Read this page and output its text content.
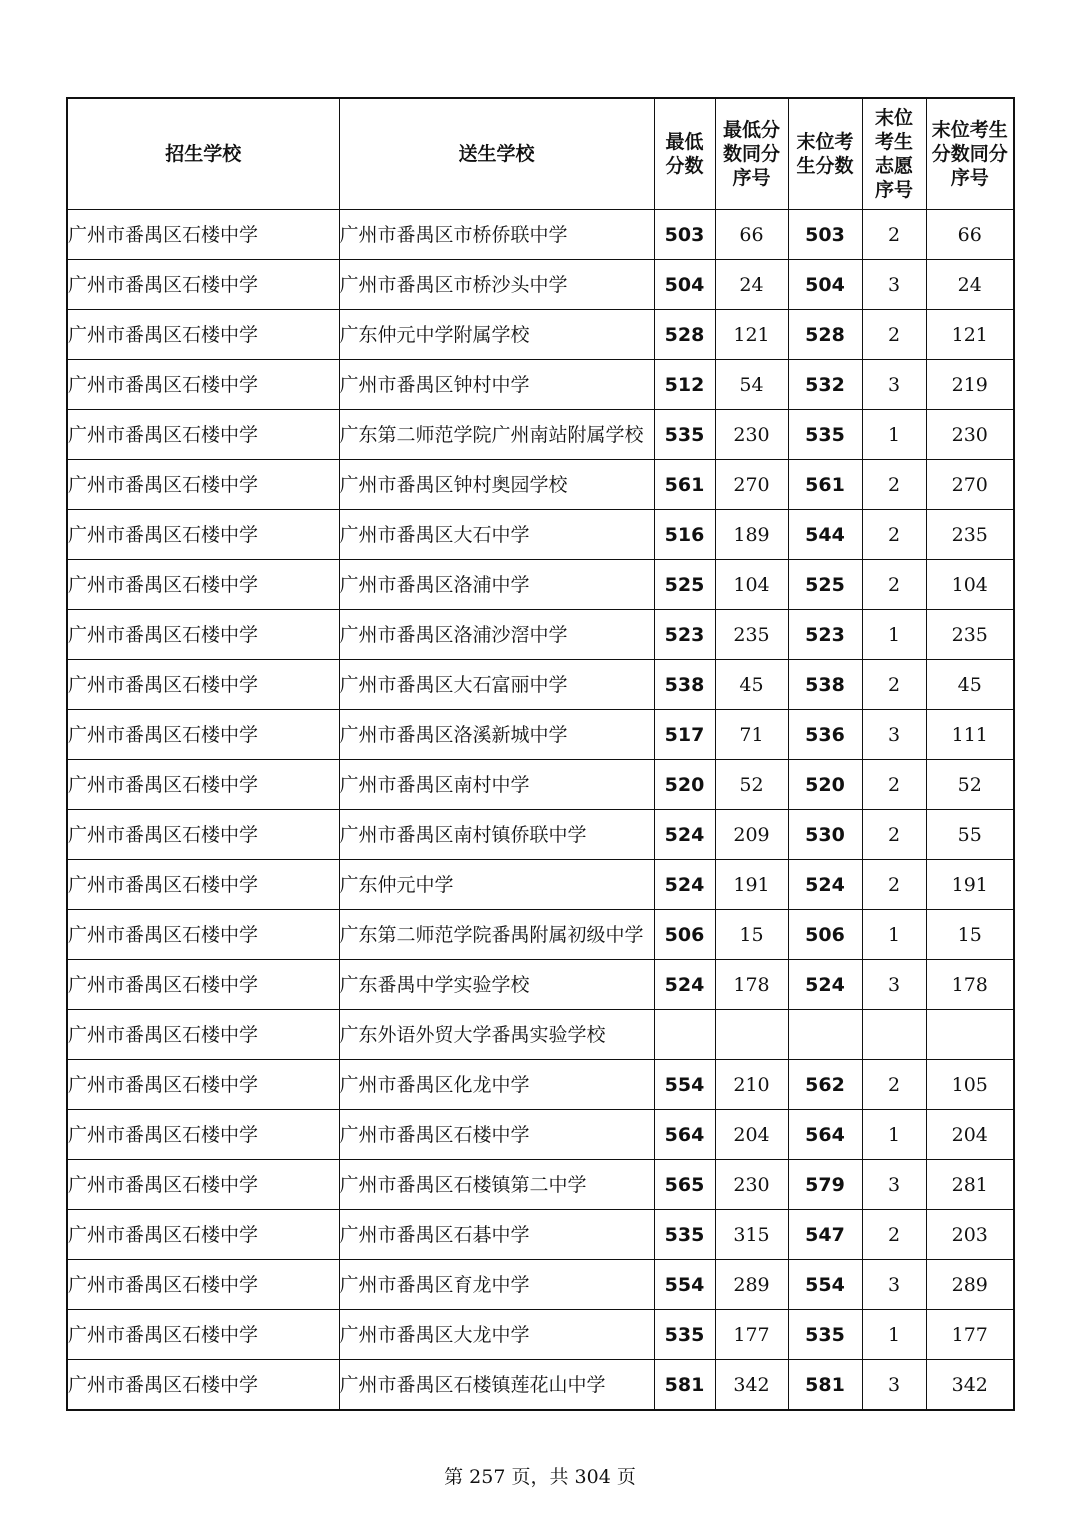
招生学校	送生学校	最低分数	最低分数同分序号	末位考生分数	末位考生志愿序号	末位考生分数同分序号

广州市番禺区石楼中学	广州市番禺区市桥侨联中学	503	66	503	2	66

广州市番禺区石楼中学	广州市番禺区市桥沙头中学	504	24	504	3	24

广州市番禺区石楼中学	广东仲元中学附属学校	528	121	528	2	121

广州市番禺区石楼中学	广州市番禺区钟村中学	512	54	532	3	219

广州市番禺区石楼中学	广东第二师范学院广州南站附属学校	535	230	535	1	230

广州市番禺区石楼中学	广州市番禺区钟村奥园学校	561	270	561	2	270

广州市番禺区石楼中学	广州市番禺区大石中学	516	189	544	2	235

广州市番禺区石楼中学	广州市番禺区洛浦中学	525	104	525	2	104

广州市番禺区石楼中学	广州市番禺区洛浦沙滘中学	523	235	523	1	235

广州市番禺区石楼中学	广州市番禺区大石富丽中学	538	45	538	2	45

广州市番禺区石楼中学	广州市番禺区洛溪新城中学	517	71	536	3	111

广州市番禺区石楼中学	广州市番禺区南村中学	520	52	520	2	52

广州市番禺区石楼中学	广州市番禺区南村镇侨联中学	524	209	530	2	55

广州市番禺区石楼中学	广东仲元中学	524	191	524	2	191

广州市番禺区石楼中学	广东第二师范学院番禺附属初级中学	506	15	506	1	15

广州市番禺区石楼中学	广东番禺中学实验学校	524	178	524	3	178

广州市番禺区石楼中学	广东外语外贸大学番禺实验学校					

广州市番禺区石楼中学	广州市番禺区化龙中学	554	210	562	2	105

广州市番禺区石楼中学	广州市番禺区石楼中学	564	204	564	1	204

广州市番禺区石楼中学	广州市番禺区石楼镇第二中学	565	230	579	3	281

广州市番禺区石楼中学	广州市番禺区石碁中学	535	315	547	2	203

广州市番禺区石楼中学	广州市番禺区育龙中学	554	289	554	3	289

广州市番禺区石楼中学	广州市番禺区大龙中学	535	177	535	1	177

广州市番禺区石楼中学	广州市番禺区石楼镇莲花山中学	581	342	581	3	342
第 257 页，共 304 页
